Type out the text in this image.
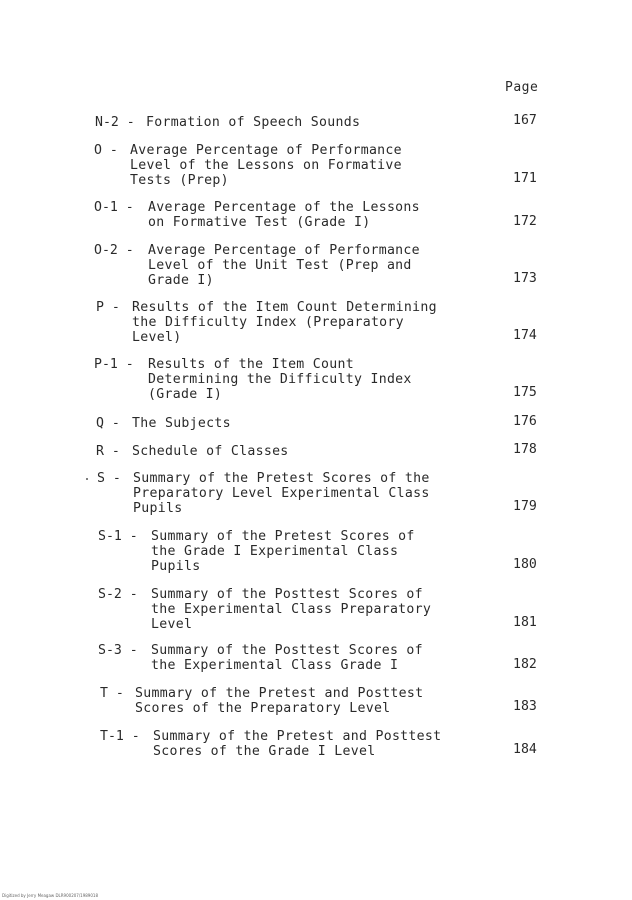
Page
N-2 - Formation of Speech Sounds	167
O - Average Percentage of Performance
Level of the Lessons on Formative
Tests (Prep)	171
O-1 - Average Percentage of the Lessons
on Formative Test (Grade I)	172
O-2 - Average Percentage of Performance
Level of the Unit Test (Prep and
Grade I)	173
P - Results of the Item Count Determining
the Difficulty Index (Preparatory
Level)	174
P-1 - Results of the Item Count
Determining the Difficulty Index
(Grade I)	175
Q - The Subjects	176
R - Schedule of Classes	178
S - Summary of the Pretest Scores of the
Preparatory Level Experimental Class
Pupils	179
S-1 - Summary of the Pretest Scores of
the Grade I Experimental Class
Pupils	180
S-2 - Summary of the Posttest Scores of
the Experimental Class Preparatory
Level	181
S-3 - Summary of the Posttest Scores of
the Experimental Class Grade I	182
T - Summary of the Pretest and Posttest
Scores of the Preparatory Level	183
T-1 - Summary of the Pretest and Posttest
Scores of the Grade I Level	184
Digitized by Jerry Meagaw DLR900207/1989018
